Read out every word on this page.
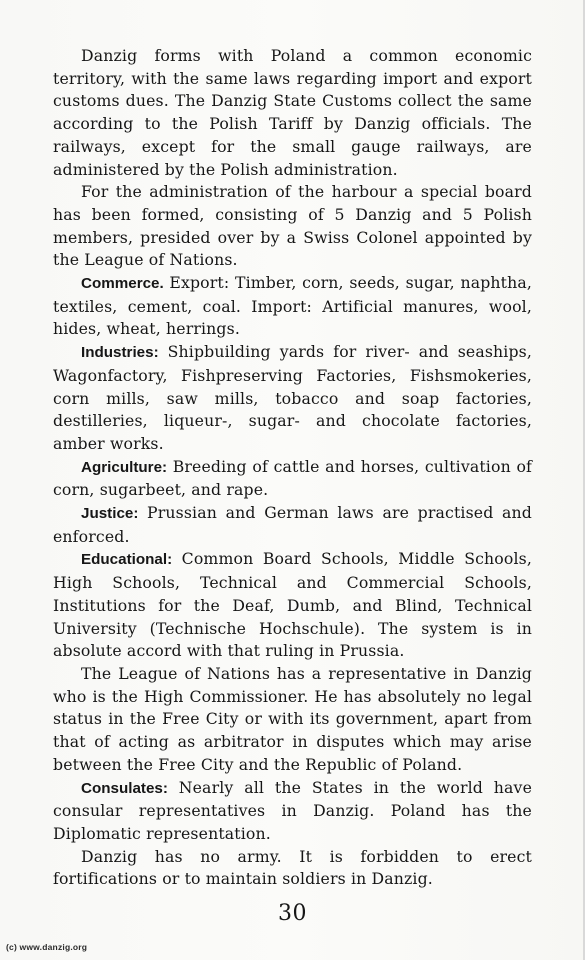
Danzig forms with Poland a common economic territory, with the same laws regarding import and export customs dues. The Danzig State Customs collect the same according to the Polish Tariff by Danzig officials. The railways, except for the small gauge railways, are administered by the Polish administration.

For the administration of the harbour a special board has been formed, consisting of 5 Danzig and 5 Polish members, presided over by a Swiss Colonel appointed by the League of Nations.

Commerce. Export: Timber, corn, seeds, sugar, naphtha, textiles, cement, coal. Import: Artificial manures, wool, hides, wheat, herrings.

Industries: Shipbuilding yards for river- and seaships, Wagonfactory, Fishpreserving Factories, Fishsmokeries, corn mills, saw mills, tobacco and soap factories, destilleries, liqueur-, sugar- and chocolate factories, amber works.

Agriculture: Breeding of cattle and horses, cultivation of corn, sugarbeet, and rape.

Justice: Prussian and German laws are practised and enforced.

Educational: Common Board Schools, Middle Schools, High Schools, Technical and Commercial Schools, Institutions for the Deaf, Dumb, and Blind, Technical University (Technische Hochschule). The system is in absolute accord with that ruling in Prussia.

The League of Nations has a representative in Danzig who is the High Commissioner. He has absolutely no legal status in the Free City or with its government, apart from that of acting as arbitrator in disputes which may arise between the Free City and the Republic of Poland.

Consulates: Nearly all the States in the world have consular representatives in Danzig. Poland has the Diplomatic representation.

Danzig has no army. It is forbidden to erect fortifications or to maintain soldiers in Danzig.

30
(c) www.danzig.org
